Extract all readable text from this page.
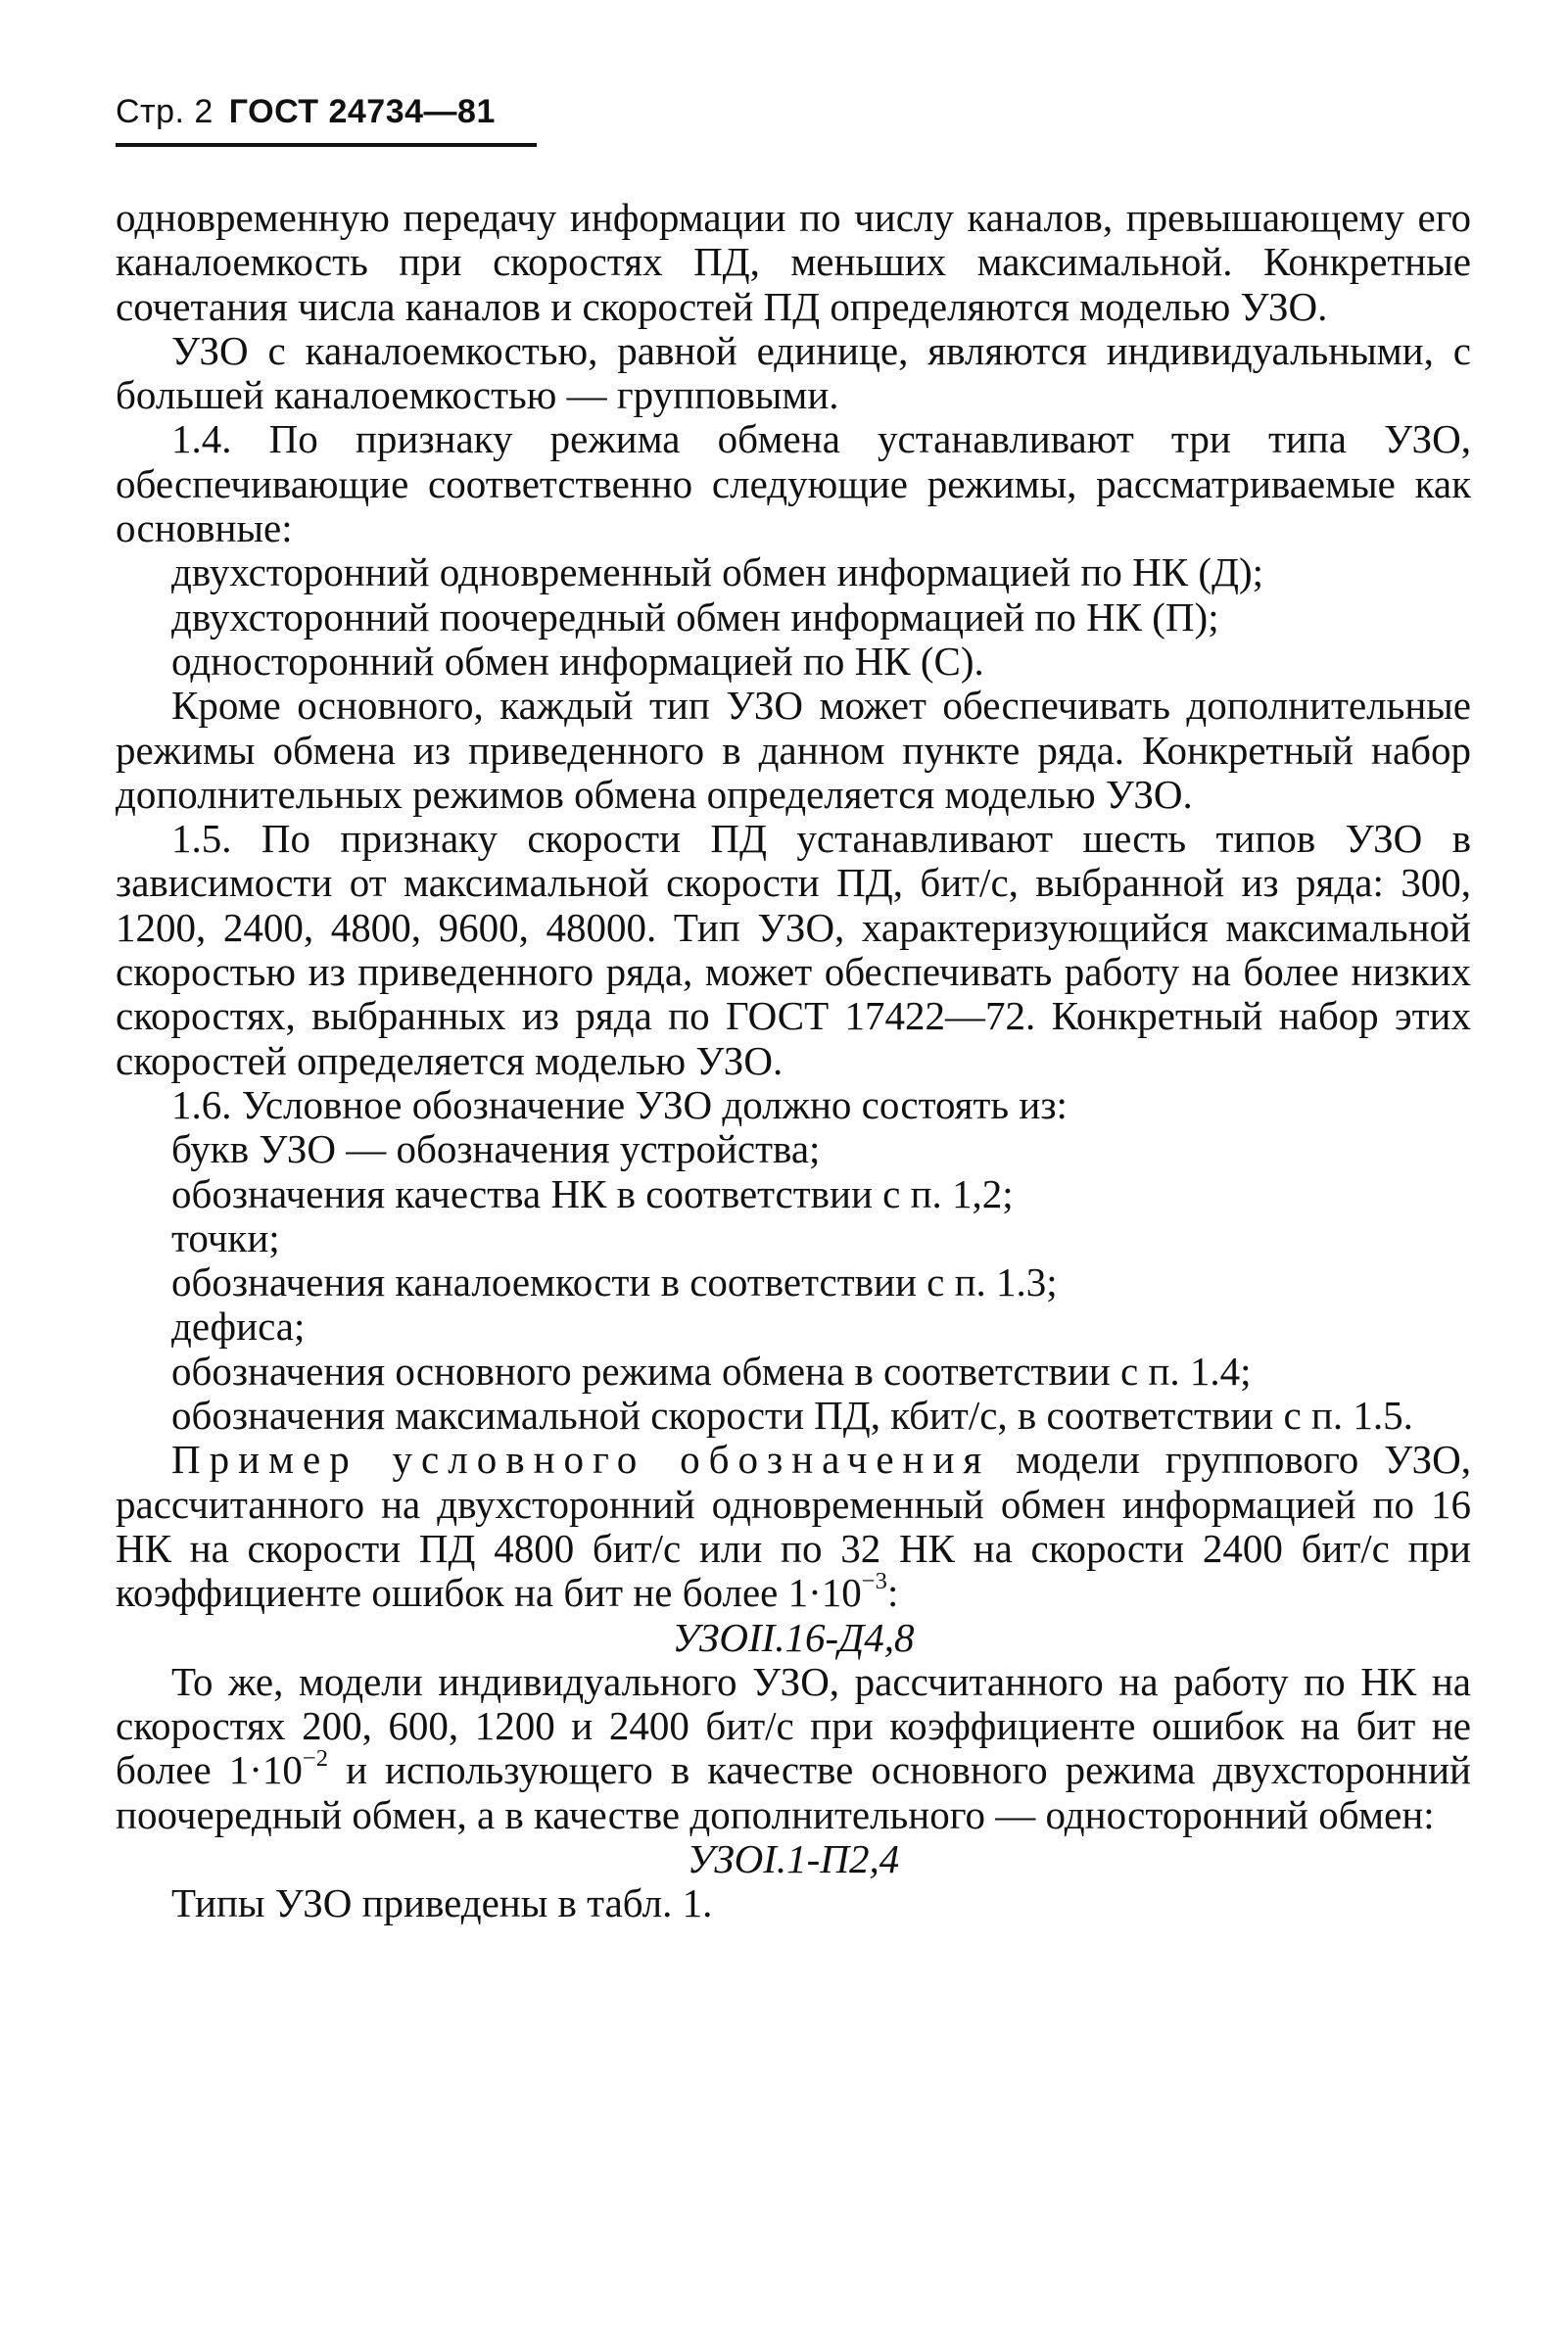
Стр. 2 ГОСТ 24734—81

одновременную передачу информации по числу каналов, превышающему его каналоемкость при скоростях ПД, меньших максимальной. Конкретные сочетания числа каналов и скоростей ПД определяются моделью УЗО.

УЗО с каналоемкостью, равной единице, являются индивидуальными, с большей каналоемкостью — групповыми.

1.4. По признаку режима обмена устанавливают три типа УЗО, обеспечивающие соответственно следующие режимы, рассматриваемые как основные:

двухсторонний одновременный обмен информацией по НК (Д);

двухсторонний поочередный обмен информацией по НК (П);

односторонний обмен информацией по НК (С).

Кроме основного, каждый тип УЗО может обеспечивать дополнительные режимы обмена из приведенного в данном пункте ряда. Конкретный набор дополнительных режимов обмена определяется моделью УЗО.

1.5. По признаку скорости ПД устанавливают шесть типов УЗО в зависимости от максимальной скорости ПД, бит/с, выбранной из ряда: 300, 1200, 2400, 4800, 9600, 48000. Тип УЗО, характеризующийся максимальной скоростью из приведенного ряда, может обеспечивать работу на более низких скоростях, выбранных из ряда по ГОСТ 17422—72. Конкретный набор этих скоростей определяется моделью УЗО.

1.6. Условное обозначение УЗО должно состоять из:

букв УЗО — обозначения устройства;

обозначения качества НК в соответствии с п. 1,2;

точки;

обозначения каналоемкости в соответствии с п. 1.3;

дефиса;

обозначения основного режима обмена в соответствии с п. 1.4;

обозначения максимальной скорости ПД, кбит/с, в соответствии с п. 1.5.

Пример условного обозначения модели группового УЗО, рассчитанного на двухсторонний одновременный обмен информацией по 16 НК на скорости ПД 4800 бит/с или по 32 НК на скорости 2400 бит/с при коэффициенте ошибок на бит не более $1\cdot 10^{-3}$:

УЗОII.16-Д4,8

То же, модели индивидуального УЗО, рассчитанного на работу по НК на скоростях 200, 600, 1200 и 2400 бит/с при коэффициенте ошибок на бит не более $1\cdot 10^{-2}$ и использующего в качестве основного режима двухсторонний поочередный обмен, а в качестве дополнительного — односторонний обмен:

УЗОI.1-П2,4

Типы УЗО приведены в табл. 1.
